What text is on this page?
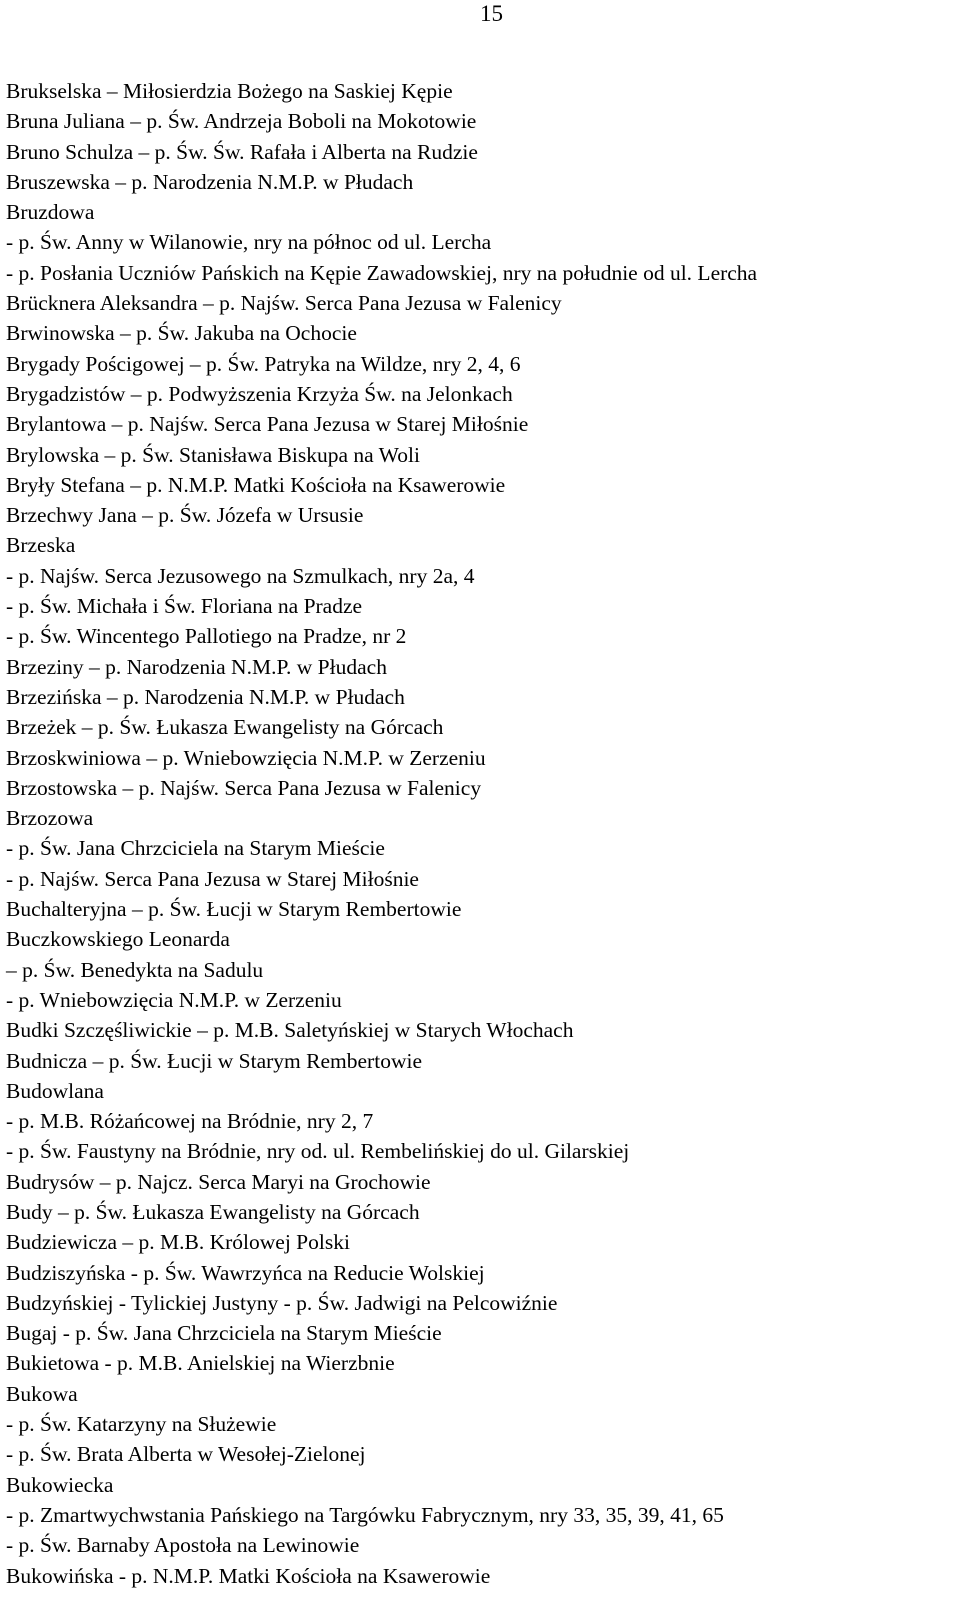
15
Brukselska – Miłosierdzia Bożego na Saskiej Kępie
Bruna Juliana – p. Św. Andrzeja Boboli na Mokotowie
Bruno Schulza – p. Św. Św. Rafała i Alberta na Rudzie
Bruszewska – p. Narodzenia N.M.P. w Płudach
Bruzdowa
- p. Św. Anny w Wilanowie, nry na północ od ul. Lercha
- p. Posłania Uczniów Pańskich na Kępie Zawadowskiej, nry na południe od ul. Lercha
Brücknera Aleksandra – p. Najśw. Serca Pana Jezusa w Falenicy
Brwinowska – p. Św. Jakuba na Ochocie
Brygady Pościgowej – p. Św. Patryka na Wildze, nry 2, 4, 6
Brygadzistów – p. Podwyższenia Krzyża Św. na Jelonkach
Brylantowa – p. Najśw. Serca Pana Jezusa w Starej Miłośnie
Brylowska – p. Św. Stanisława Biskupa na Woli
Bryły Stefana – p. N.M.P. Matki Kościoła na Ksawerowie
Brzechwy Jana – p. Św. Józefa w Ursusie
Brzeska
- p. Najśw. Serca Jezusowego na Szmulkach, nry 2a, 4
- p. Św. Michała i Św. Floriana na Pradze
- p. Św. Wincentego Pallotiego na Pradze, nr 2
Brzeziny – p. Narodzenia N.M.P. w Płudach
Brzezińska – p. Narodzenia N.M.P. w Płudach
Brzeżek – p. Św. Łukasza Ewangelisty na Górcach
Brzoskwiniowa – p. Wniebowzięcia N.M.P. w Zerzeniu
Brzostowska – p. Najśw. Serca Pana Jezusa w Falenicy
Brzozowa
- p. Św. Jana Chrzciciela na Starym Mieście
- p. Najśw. Serca Pana Jezusa w Starej Miłośnie
Buchalteryjna – p. Św. Łucji w Starym Rembertowie
Buczkowskiego Leonarda
– p. Św. Benedykta na Sadulu
- p. Wniebowzięcia N.M.P. w Zerzeniu
Budki Szczęśliwickie – p. M.B. Saletyńskiej w Starych Włochach
Budnicza – p. Św. Łucji w Starym Rembertowie
Budowlana
- p. M.B. Różańcowej na Bródnie, nry 2, 7
- p. Św. Faustyny na Bródnie, nry od. ul. Rembelińskiej do ul. Gilarskiej
Budrysów – p. Najcz. Serca Maryi na Grochowie
Budy – p. Św. Łukasza Ewangelisty na Górcach
Budziewicza – p. M.B. Królowej Polski
Budziszyńska - p. Św. Wawrzyńca na Reducie Wolskiej
Budzyńskiej - Tylickiej Justyny - p. Św. Jadwigi na Pelcowiźnie
Bugaj - p. Św. Jana Chrzciciela na Starym Mieście
Bukietowa - p. M.B. Anielskiej na Wierzbnie
Bukowa
- p. Św. Katarzyny na Służewie
- p. Św. Brata Alberta w Wesołej-Zielonej
Bukowiecka
- p. Zmartwychwstania Pańskiego na Targówku Fabrycznym, nry 33, 35, 39, 41, 65
- p. Św. Barnaby Apostoła na Lewinowie
Bukowińska - p. N.M.P. Matki Kościoła na Ksawerowie
